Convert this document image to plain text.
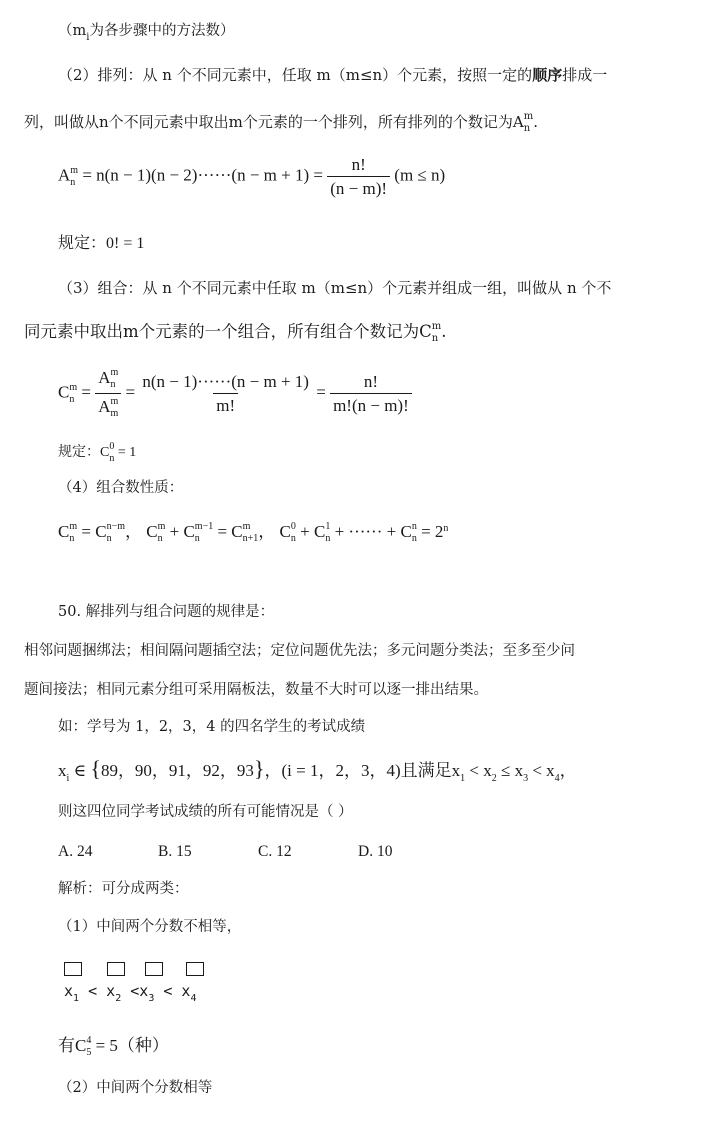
（$m_i$为各步骤中的方法数）
（2）排列：从 n 个不同元素中，任取 m（m≤n）个元素，按照一定的顺序排成一
列，叫做从n个不同元素中取出m个元素的一个排列，所有排列的个数记为A m
n .
A m
$n = n(n - 1)(n - 2)\cdot\cdot\cdot\cdot\cdot\cdot(n - m + 1) = \frac{n!}{(n - m)!} (m \le n)$
规定：0! = 1
（3）组合：从 n 个不同元素中任取 m（m≤n）个元素并组成一组，叫做从 n 个不
同元素中取出m个元素的一个组合，所有组合个数记为C m
n .
C m
n = A m
n
A m
$m = \frac{n(n - 1)\cdot\cdot\cdot\cdot\cdot\cdot(n - m + 1)}{m!} = \frac{n!}{m!(n - m)!}$
规定：C 0
n = 1
（4）组合数性质：
C m
n = C n−m
n ， C m
n + C m−1
n = C m
n+1 ， C 0
n + C 1
n + ······ + C n
n = 2 n
50. 解排列与组合问题的规律是：
相邻问题捆绑法；相间隔问题插空法；定位问题优先法；多元问题分类法；至多至少问
题间接法；相同元素分组可采用隔板法，数量不大时可以逐一排出结果。
如：学号为 1，2，3，4 的四名学生的考试成绩
$x_i$ ∈ {89，90，91，92，93}，(i = 1，2，3，4)且满足$x_1 < x_2 \le x_3 < x_4$，
则这四位同学考试成绩的所有可能情况是（ ）
A. 24	B. 15	C. 12	D. 10
解析：可分成两类：
（1）中间两个分数不相等，

$x_1 < x_2 <x_3 < x_4$
有C 4
5 = 5（种）
（2）中间两个分数相等
